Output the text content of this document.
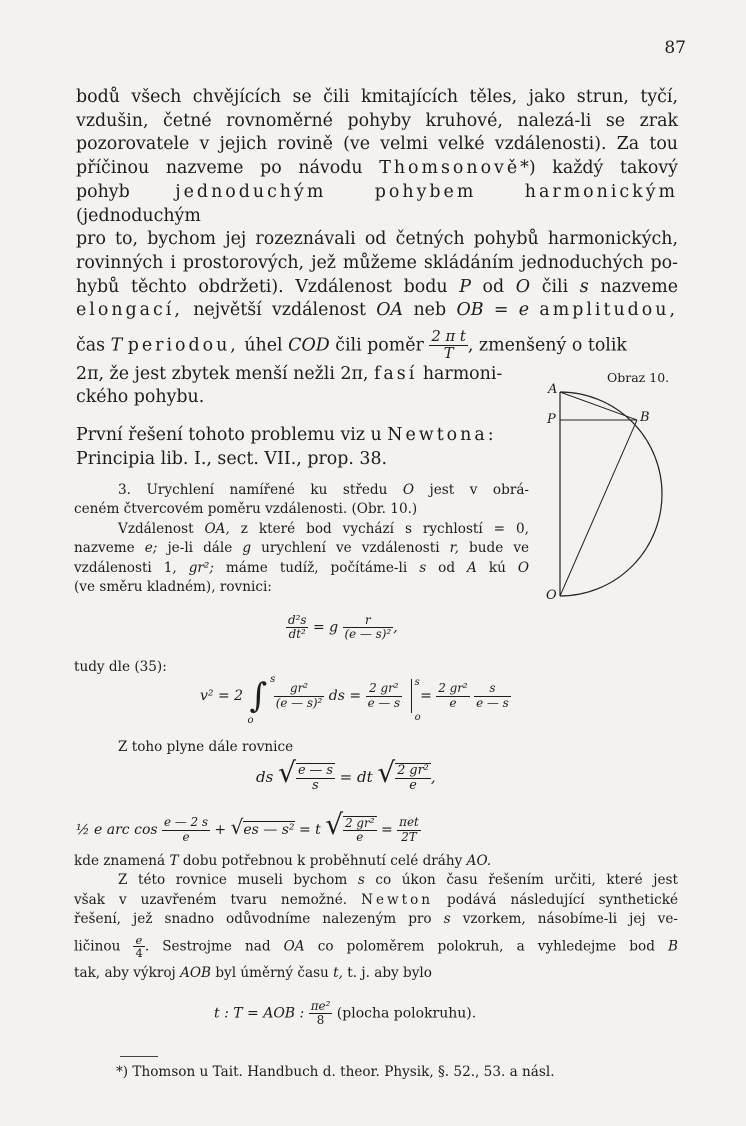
87
bodů všech chvějících se čili kmitajících těles, jako strun, tyčí,
vzdušin, četné rovnoměrné pohyby kruhové, nalezá-li se zrak
pozorovatele v jejich rovině (ve velmi velké vzdálenosti). Za tou
příčinou nazveme po návodu Thomsonově*) každý takový
pohyb	jednoduchým pohybem harmonickým (jednoduchým
pro to, bychom jej rozeznávali od četných pohybů harmonických,
rovinných i prostorových, jež můžeme skládáním jednoduchých po-
hybů těchto obdržeti). Vzdálenost bodu P od O čili s nazveme
elongací, největší vzdálenost OA neb OB = e amplitudou,
čas T periodou, úhel COD čili poměr $\frac{\text{2 π t}}{T}$ , zmenšený o tolik
2π, že jest zbytek menší nežli 2π, fasí harmoni-
ckého pohybu.
První řešení tohoto problemu viz u Newtona:
Principia lib. I., sect. VII., prop. 38.
Obraz 10.
A
P	B
O
3. Urychlení namířené ku středu O jest v obrá-
ceném čtvercovém poměru vzdálenosti. (Obr. 10.)
Vzdálenost OA, z které bod vychází s rychlostí = 0,
nazveme e; je-li dále g urychlení ve vzdálenosti r, bude ve
vzdálenosti 1, gr²; máme tudíž, počítáme-li s od A kú O
(ve směru kladném), rovnici:
$\frac{\text{d²s}}{\text{dt²}} = g \frac{r}{\text{(e — s)²}}$ ,
tudy dle (35):
v² = 2 ∫ s
o

$\frac{\text{gr²}}{\text{(e — s)²}}$ ds = $\frac{\text{2 gr²}}{e — s}$
s
o
= $\frac{\text{2 gr²}}{e}$
$\frac{s}{e — s}$
Z toho plyne dále rovnice
ds √ $\frac{e — s}{s}$ = dt √ $\frac{\text{2 gr²}}{e}$ ,
½ e arc $\cos \frac{e — 2 s}{e} + √es$ — s² = t √ $\frac{\text{2 gr²}}{e} = \frac{\text{πet}}{2T}$
kde znamená T dobu potřebnou k proběhnutí celé dráhy AO.
Z této rovnice museli bychom s co úkon času řešením určiti, které jest
však v uzavřeném tvaru nemožné. Newton podává následující synthetické
řešení, jež snadno odůvodníme nalezeným pro s vzorkem, násobíme-li jej ve-
ličinou $\frac{e}{4}$ . Sestrojme nad OA co poloměrem polokruh, a vyhledejme bod B
tak, aby výkroj AOB byl úměrný času t, t. j. aby bylo
t : T = AOB : $\frac{\text{πe²}}{8}$ (plocha polokruhu).
*) Thomson u Tait. Handbuch d. theor. Physik, §. 52., 53. a násl.
